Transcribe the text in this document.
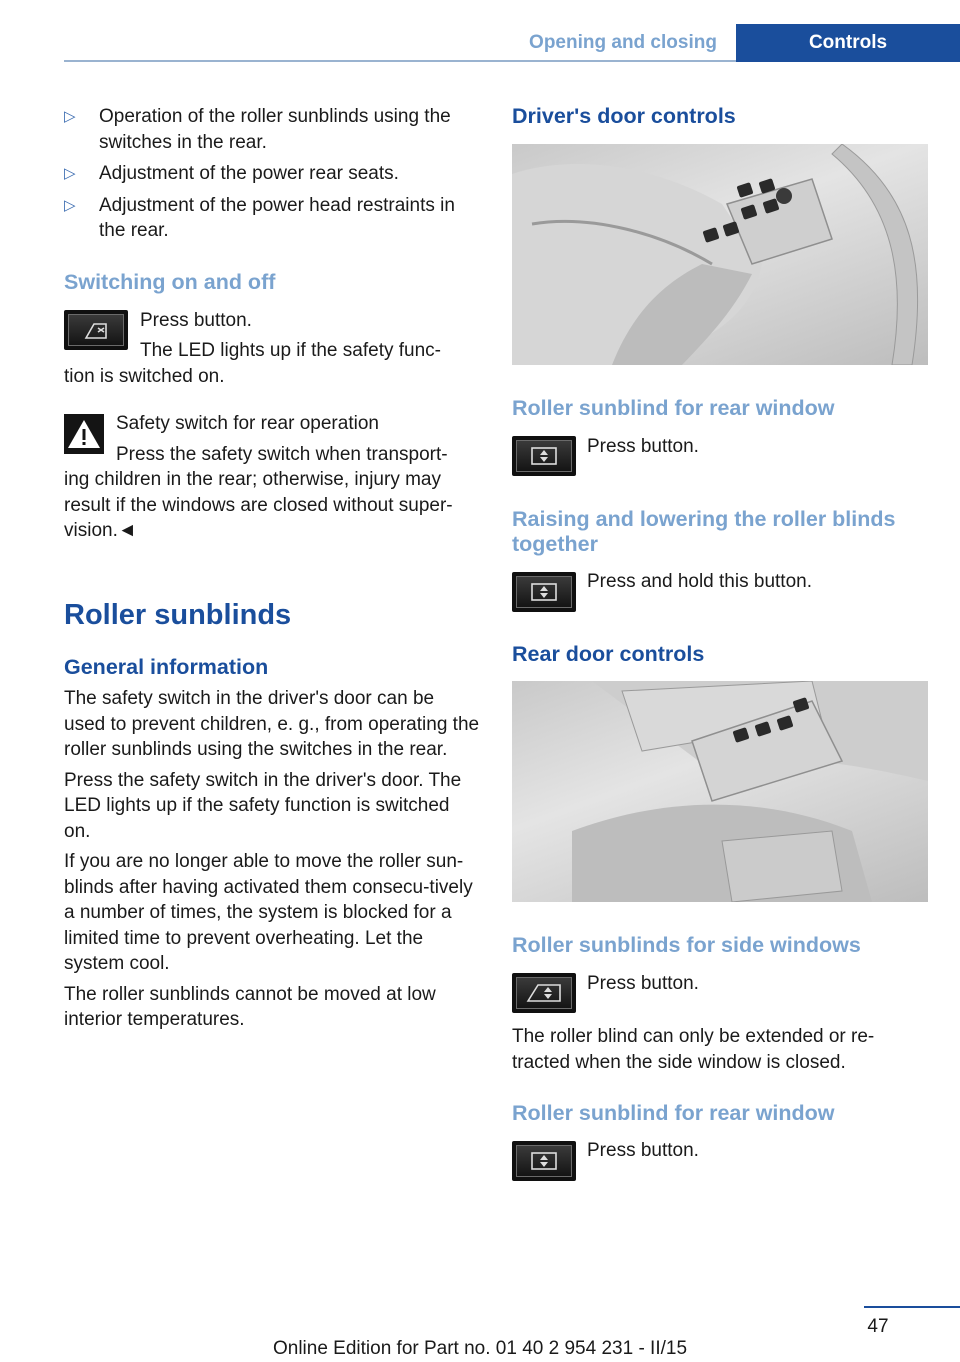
Opening and closing	Controls
▷ Operation of the roller sunblinds using the switches in the rear.
▷ Adjustment of the power rear seats.
▷ Adjustment of the power head restraints in the rear.
Switching on and off

Press button.

The LED lights up if the safety func-

tion is switched on.

Safety switch for rear operation

Press the safety switch when transport-

ing children in the rear; otherwise, injury may result if the windows are closed without super-vision.◄

Roller sunblinds
General information

The safety switch in the driver's door can be used to prevent children, e. g., from operating the roller sunblinds using the switches in the rear.

Press the safety switch in the driver's door. The LED lights up if the safety function is switched on.

If you are no longer able to move the roller sun-blinds after having activated them consecu-tively a number of times, the system is blocked for a limited time to prevent overheating. Let the system cool.

The roller sunblinds cannot be moved at low interior temperatures.

Driver's door controls
Roller sunblind for rear window

Press button.

Raising and lowering the roller blinds together

Press and hold this button.

Rear door controls
Roller sunblinds for side windows

Press button.

The roller blind can only be extended or re-tracted when the side window is closed.

Roller sunblind for rear window

Press button.

47
Online Edition for Part no. 01 40 2 954 231 - II/15
